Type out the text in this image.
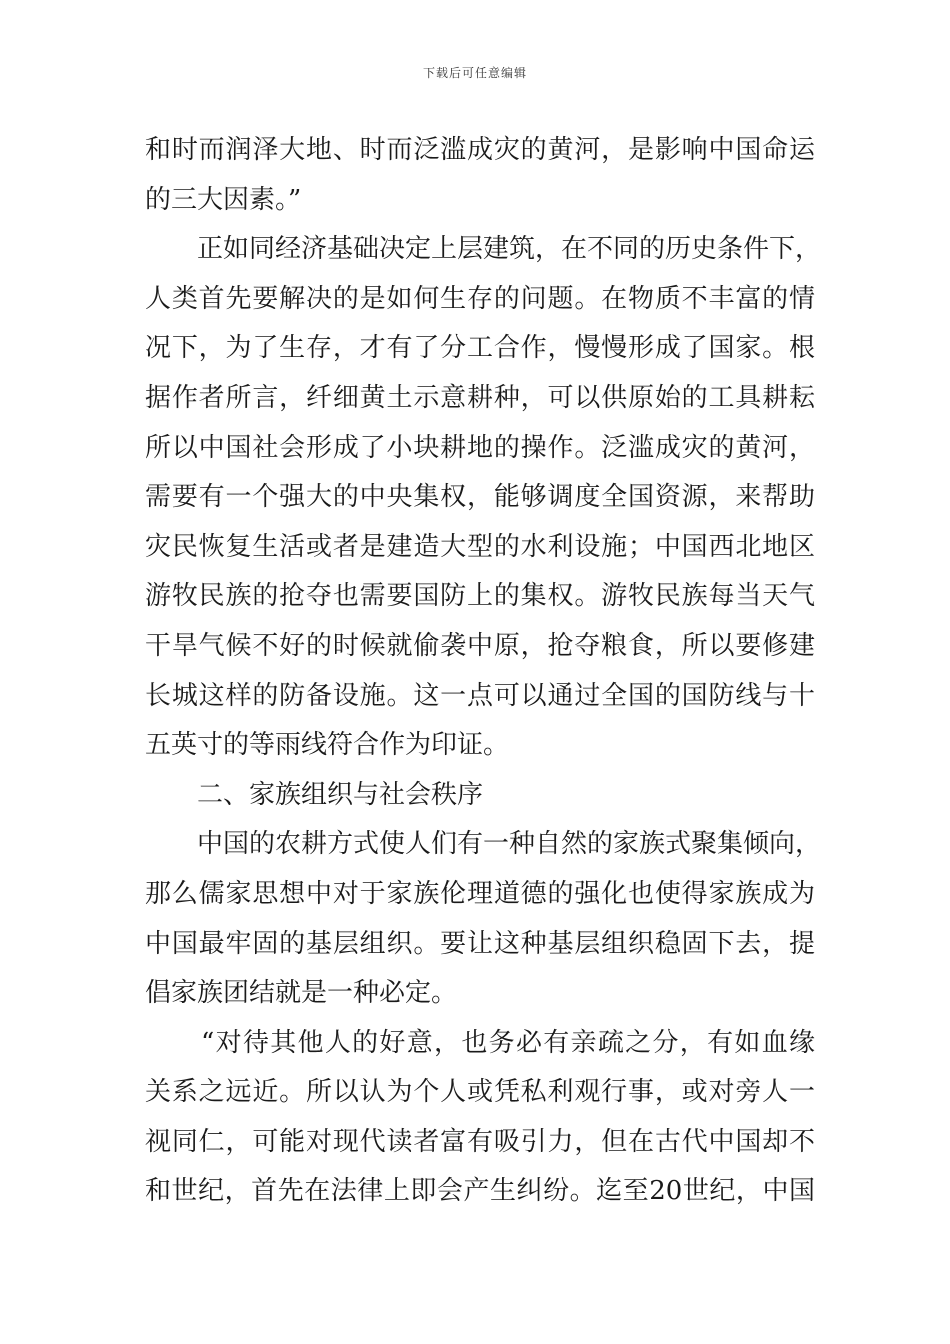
下载后可任意编辑
和时而润泽大地、时而泛滥成灾的黄河，是影响中国命运
的三大因素。”
正如同经济基础决定上层建筑，在不同的历史条件下，
人类首先要解决的是如何生存的问题。在物质不丰富的情
况下，为了生存，才有了分工合作，慢慢形成了国家。根
据作者所言，纤细黄土示意耕种，可以供原始的工具耕耘
所以中国社会形成了小块耕地的操作。泛滥成灾的黄河，
需要有一个强大的中央集权，能够调度全国资源，来帮助
灾民恢复生活或者是建造大型的水利设施；中国西北地区
游牧民族的抢夺也需要国防上的集权。游牧民族每当天气
干旱气候不好的时候就偷袭中原，抢夺粮食，所以要修建
长城这样的防备设施。这一点可以通过全国的国防线与十
五英寸的等雨线符合作为印证。
二、家族组织与社会秩序
中国的农耕方式使人们有一种自然的家族式聚集倾向，
那么儒家思想中对于家族伦理道德的强化也使得家族成为
中国最牢固的基层组织。要让这种基层组织稳固下去，提
倡家族团结就是一种必定。
“对待其他人的好意，也务必有亲疏之分，有如血缘
关系之远近。所以认为个人或凭私利观行事，或对旁人一
视同仁，可能对现代读者富有吸引力，但在古代中国却不
和世纪，首先在法律上即会产生纠纷。迄至20世纪，中国
